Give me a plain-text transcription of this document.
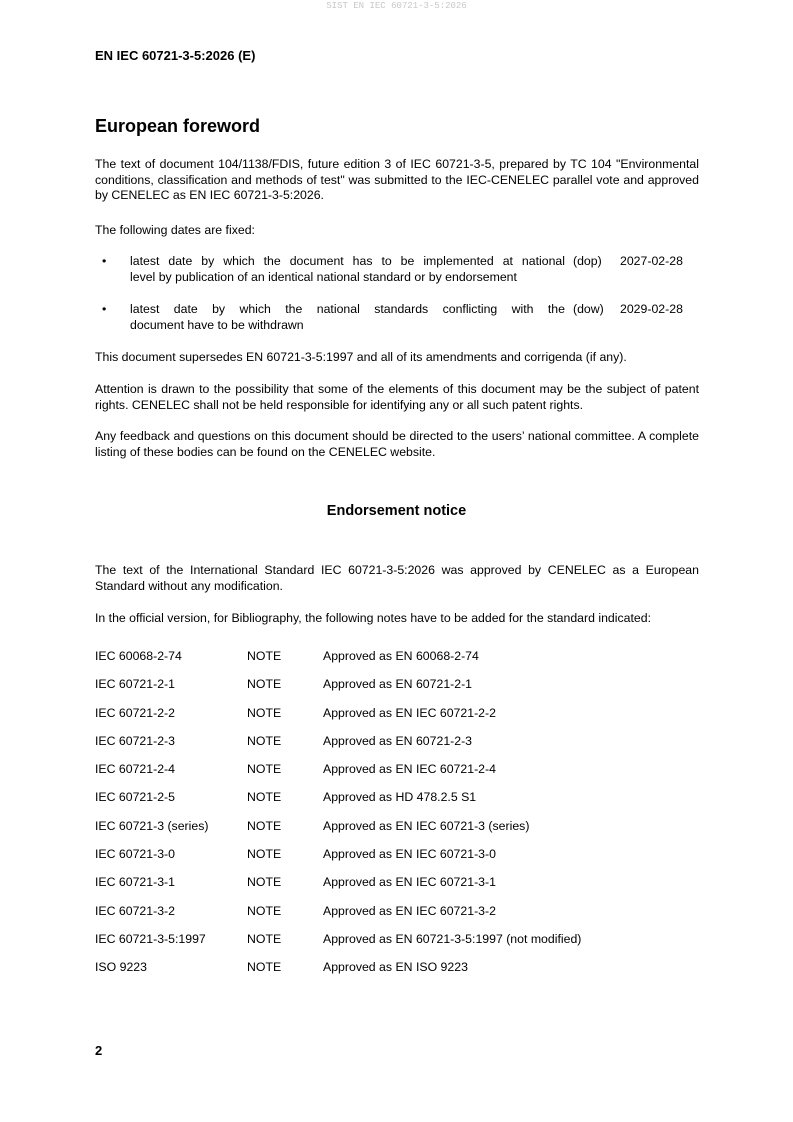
SIST EN IEC 60721-3-5:2026
EN IEC 60721-3-5:2026 (E)
European foreword

The text of document 104/1138/FDIS, future edition 3 of IEC 60721-3-5, prepared by TC 104 "Environmental conditions, classification and methods of test" was submitted to the IEC-CENELEC parallel vote and approved by CENELEC as EN IEC 60721-3-5:2026.

The following dates are fixed:

• latest date by which the document has to be implemented at national
level by publication of an identical national standard or by endorsement
(dop) 2027-02-28
• latest date by which the national standards conflicting with the
document have to be withdrawn
(dow) 2029-02-28

This document supersedes EN 60721-3-5:1997 and all of its amendments and corrigenda (if any).

Attention is drawn to the possibility that some of the elements of this document may be the subject of patent rights. CENELEC shall not be held responsible for identifying any or all such patent rights.

Any feedback and questions on this document should be directed to the users’ national committee. A complete listing of these bodies can be found on the CENELEC website.

Endorsement notice

The text of the International Standard IEC 60721-3-5:2026 was approved by CENELEC as a European Standard without any modification.

In the official version, for Bibliography, the following notes have to be added for the standard indicated:

IEC 60068-2-74	NOTE	Approved as EN 60068-2-74
IEC 60721-2-1	NOTE	Approved as EN 60721-2-1
IEC 60721-2-2	NOTE	Approved as EN IEC 60721-2-2
IEC 60721-2-3	NOTE	Approved as EN 60721-2-3
IEC 60721-2-4	NOTE	Approved as EN IEC 60721-2-4
IEC 60721-2-5	NOTE	Approved as HD 478.2.5 S1
IEC 60721-3 (series)	NOTE	Approved as EN IEC 60721-3 (series)
IEC 60721-3-0	NOTE	Approved as EN IEC 60721-3-0
IEC 60721-3-1	NOTE	Approved as EN IEC 60721-3-1
IEC 60721-3-2	NOTE	Approved as EN IEC 60721-3-2
IEC 60721-3-5:1997	NOTE	Approved as EN 60721-3-5:1997 (not modified)
ISO 9223	NOTE	Approved as EN ISO 9223
2
